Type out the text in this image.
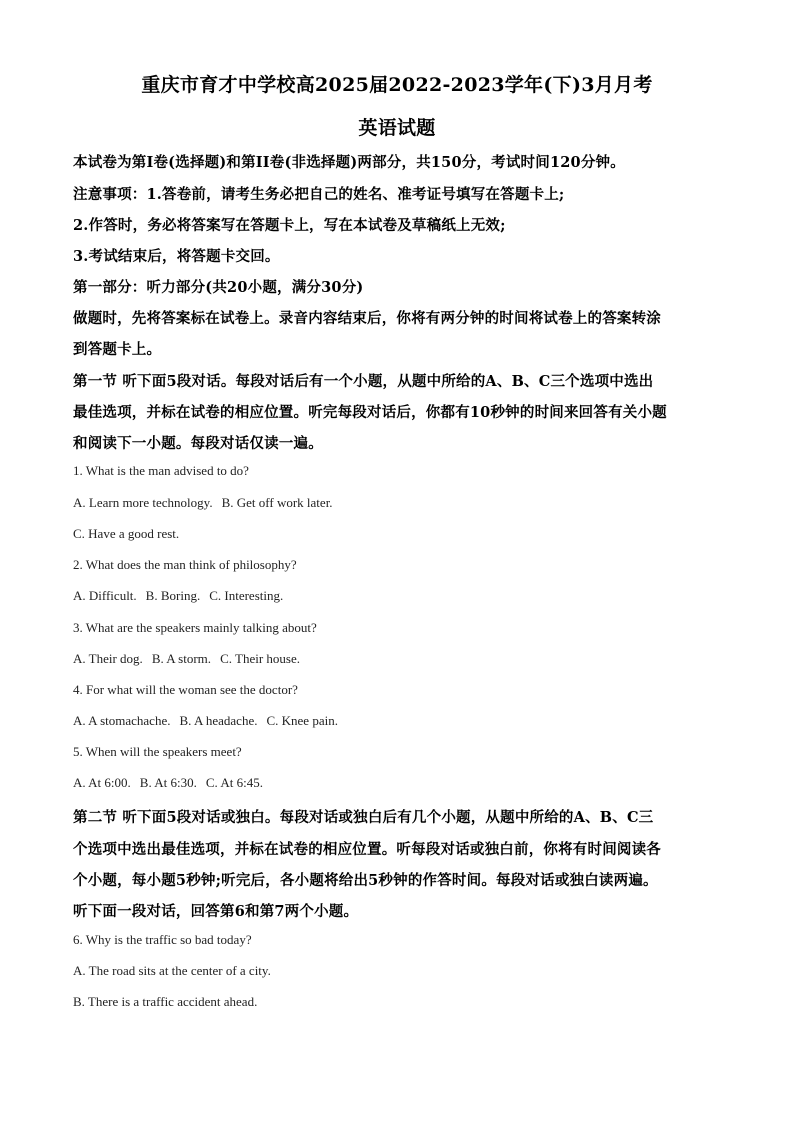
重庆市育才中学校高2025届2022-2023学年(下)3月月考
英语试题
本试卷为第I卷(选择题)和第II卷(非选择题)两部分，共150分，考试时间120分钟。
注意事项：1.答卷前，请考生务必把自己的姓名、准考证号填写在答题卡上;
2.作答时，务必将答案写在答题卡上，写在本试卷及草稿纸上无效;
3.考试结束后，将答题卡交回。
第一部分：听力部分(共20小题，满分30分)
做题时，先将答案标在试卷上。录音内容结束后，你将有两分钟的时间将试卷上的答案转涂
到答题卡上。
第一节 听下面5段对话。每段对话后有一个小题，从题中所给的A、B、C三个选项中选出
最佳选项，并标在试卷的相应位置。听完每段对话后，你都有10秒钟的时间来回答有关小题
和阅读下一小题。每段对话仅读一遍。
1. What is the man advised to do?
A. Learn more technology. B. Get off work later.
C. Have a good rest.
2. What does the man think of philosophy?
A. Difficult. B. Boring. C. Interesting.
3. What are the speakers mainly talking about?
A. Their dog. B. A storm. C. Their house.
4. For what will the woman see the doctor?
A. A stomachache. B. A headache. C. Knee pain.
5. When will the speakers meet?
A. At 6:00. B. At 6:30. C. At 6:45.
第二节 听下面5段对话或独白。每段对话或独白后有几个小题，从题中所给的A、B、C三
个选项中选出最佳选项，并标在试卷的相应位置。听每段对话或独白前，你将有时间阅读各
个小题，每小题5秒钟;听完后，各小题将给出5秒钟的作答时间。每段对话或独白读两遍。
听下面一段对话，回答第6和第7两个小题。
6. Why is the traffic so bad today?
A. The road sits at the center of a city.
B. There is a traffic accident ahead.
